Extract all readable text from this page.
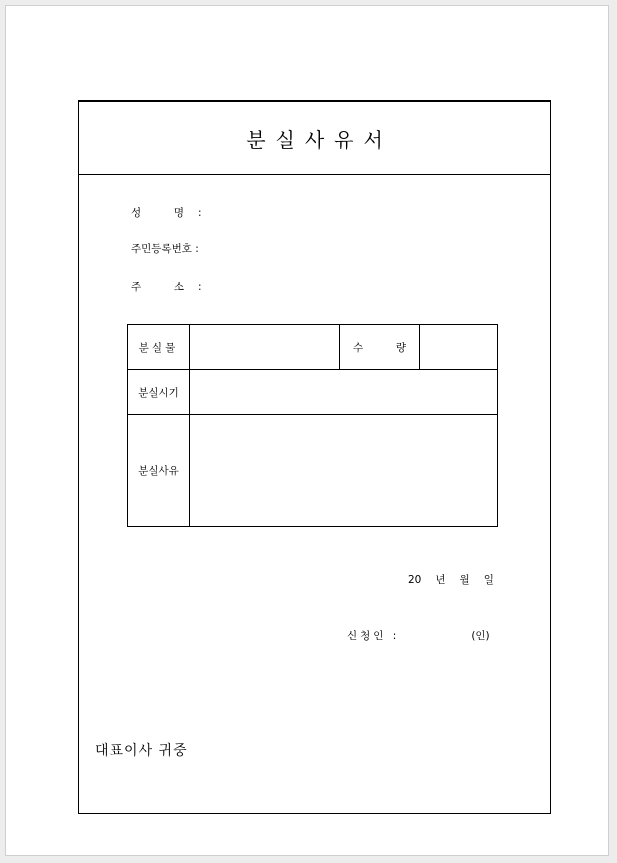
분실사유서
성	명 :
주민등록번호 :
주	소 :
분실물		수 량	
분실시기			
분실사유			
20 년 월 일
신청인 :	(인)
대표이사 귀중
